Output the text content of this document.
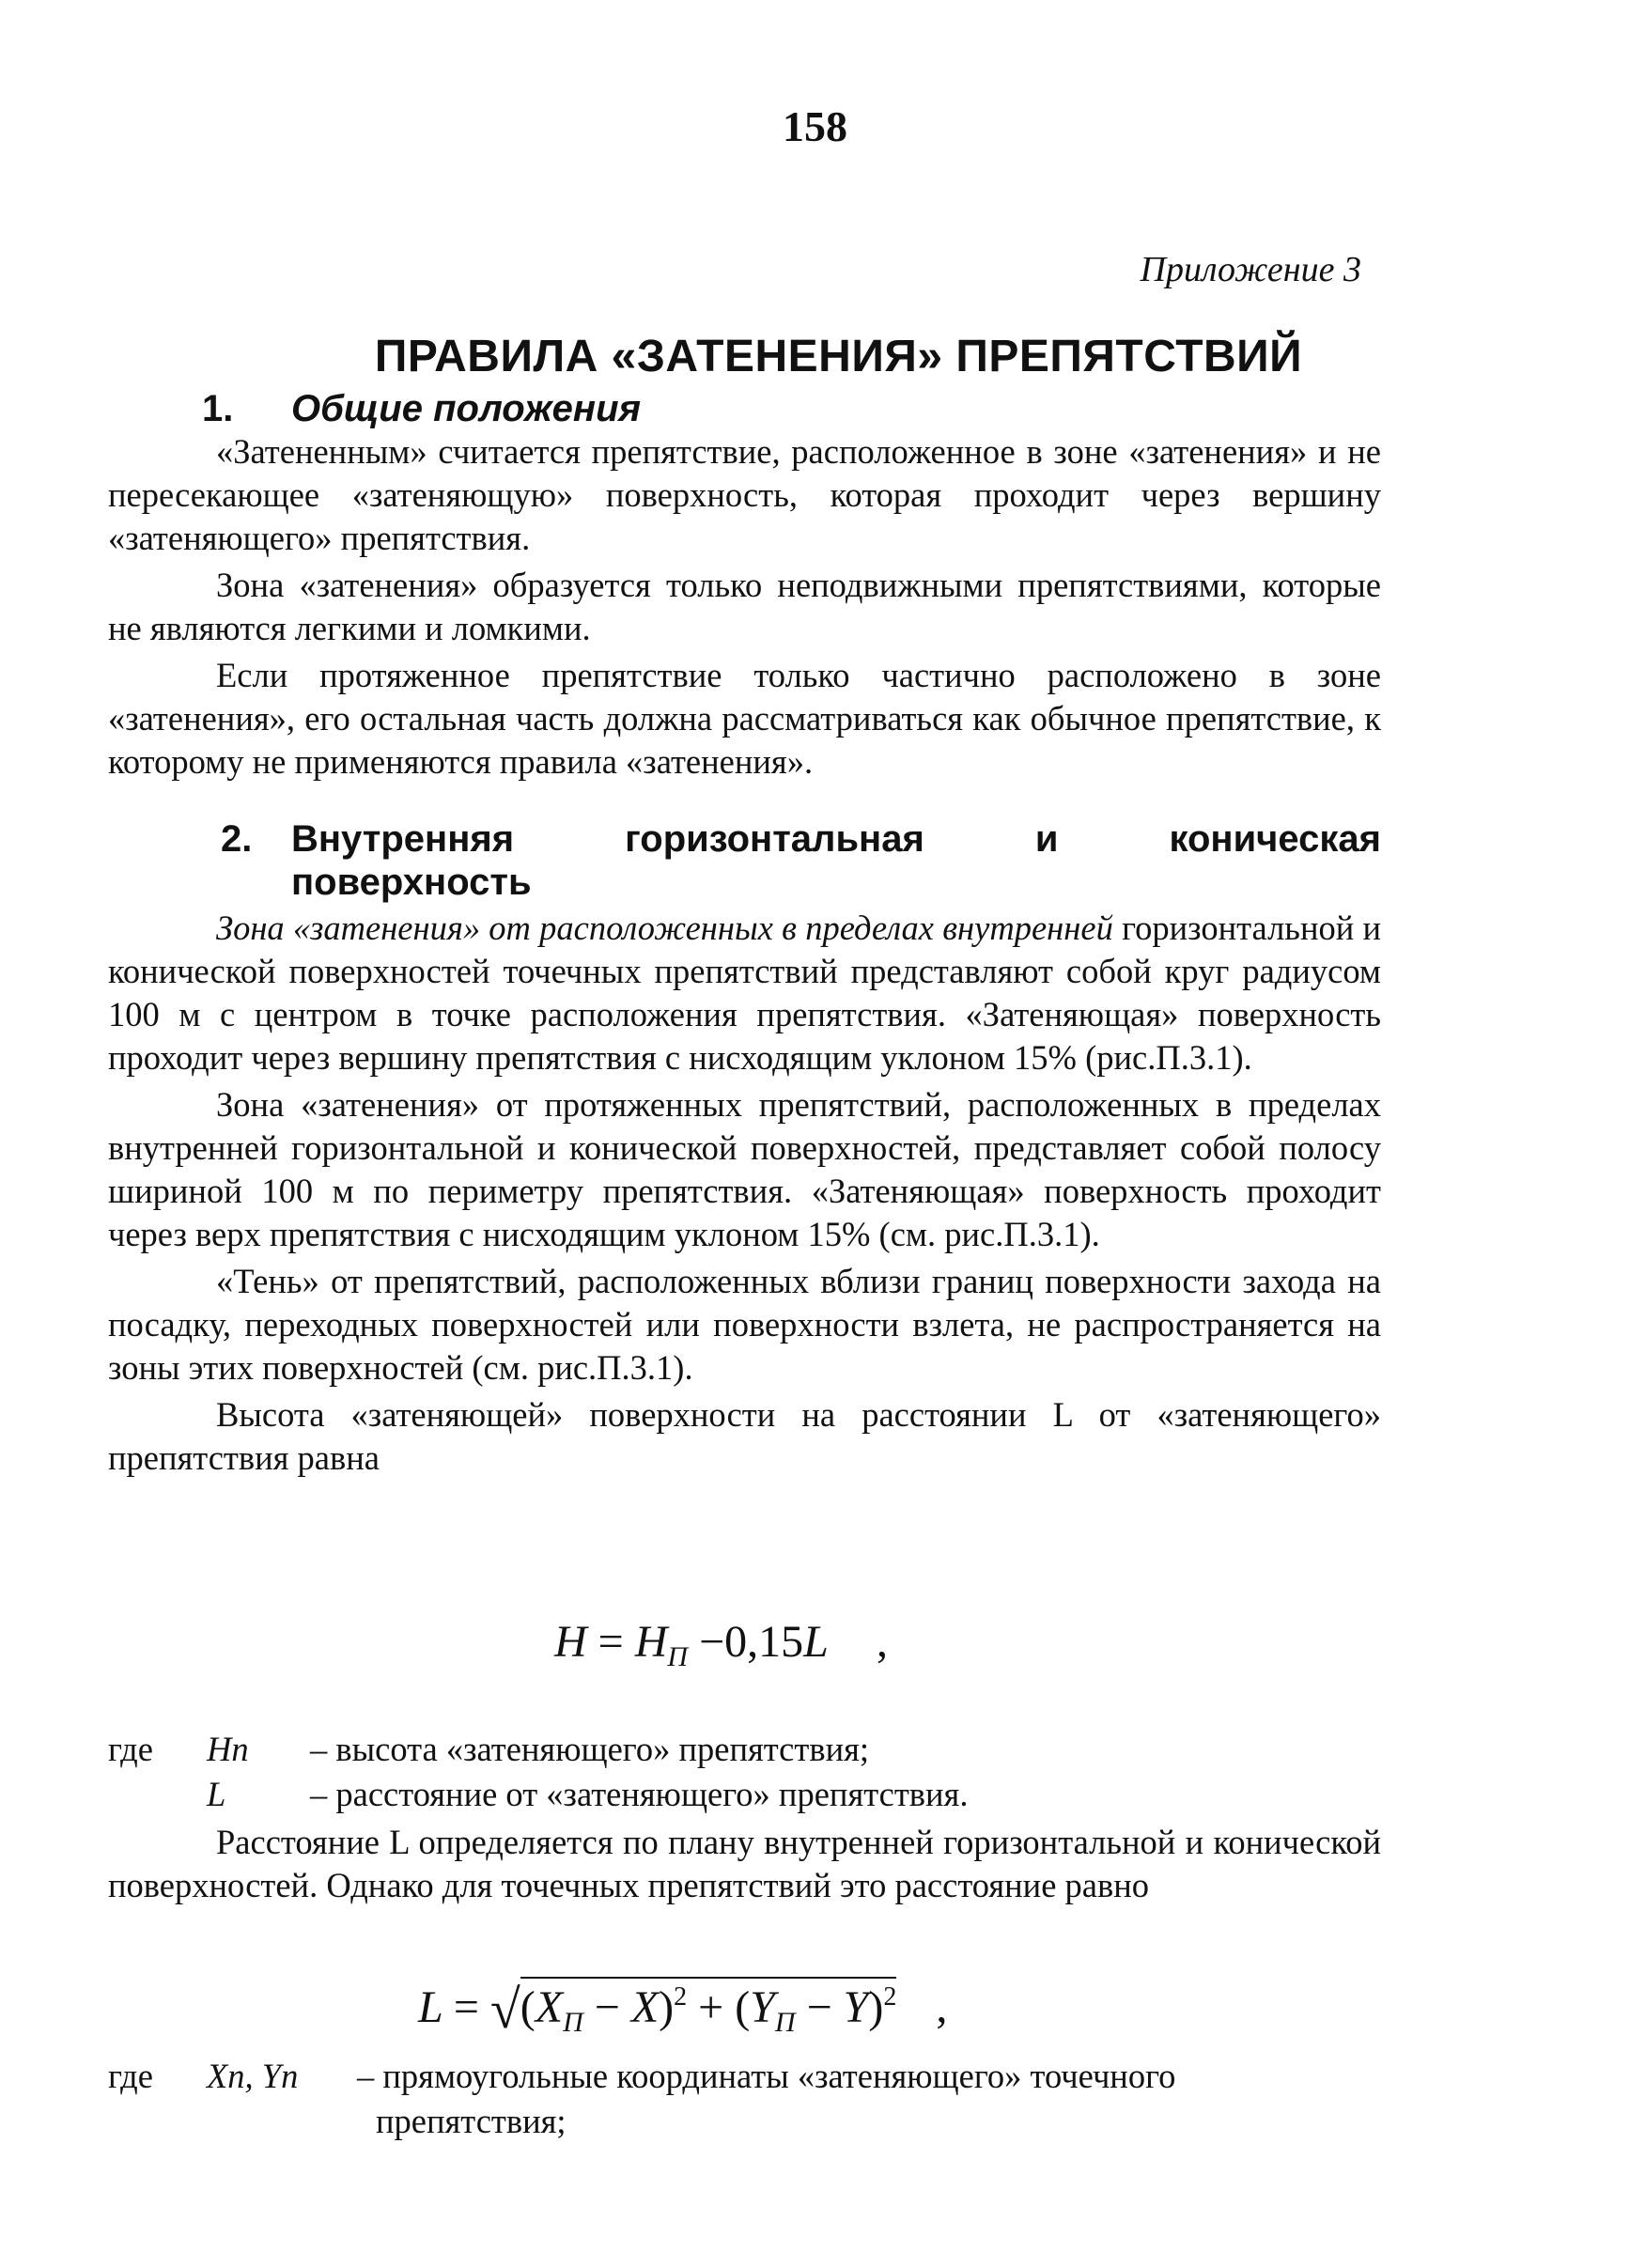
158
Приложение 3
ПРАВИЛА «ЗАТЕНЕНИЯ» ПРЕПЯТСТВИЙ
1.	Общие положения

«Затененным» считается препятствие, расположенное в зоне «затенения» и не пересекающее «затеняющую» поверхность, которая проходит через вершину «затеняющего» препятствия.

Зона «затенения» образуется только неподвижными препятствиями, которые не являются легкими и ломкими.

Если протяженное препятствие только частично расположено в зоне «затенения», его остальная часть должна рассматриваться как обычное препятствие, к которому не применяются правила «затенения».

2.	Внутренняя	горизонтальная	и	коническая
поверхность

Зона «затенения» от расположенных в пределах внутренней горизонтальной и конической поверхностей точечных препятствий представляют собой круг радиусом 100 м с центром в точке расположения препятствия. «Затеняющая» поверхность проходит через вершину препятствия с нисходящим уклоном 15% (рис.П.3.1).

Зона «затенения» от протяженных препятствий, расположенных в пределах внутренней горизонтальной и конической поверхностей, представляет собой полосу шириной 100 м по периметру препятствия. «Затеняющая» поверхность проходит через верх препятствия с нисходящим уклоном 15% (см. рис.П.3.1).

«Тень» от препятствий, расположенных вблизи границ поверхности захода на посадку, переходных поверхностей или поверхности взлета, не распространяется на зоны этих поверхностей (см. рис.П.3.1).

Высота «затеняющей» поверхности на расстоянии L от «затеняющего» препятствия равна

$H = H_П -0,15L$ ,
где	Hп	– высота «затеняющего» препятствия;
L	– расстояние от «затеняющего» препятствия.

Расстояние L определяется по плану внутренней горизонтальной и конической поверхностей. Однако для точечных препятствий это расстояние равно

$L = √(X_П - X)^2 + (Y_П - Y)^2$ ,
где	Xп, Yп	– прямоугольные координаты «затеняющего» точечного
препятствия;
